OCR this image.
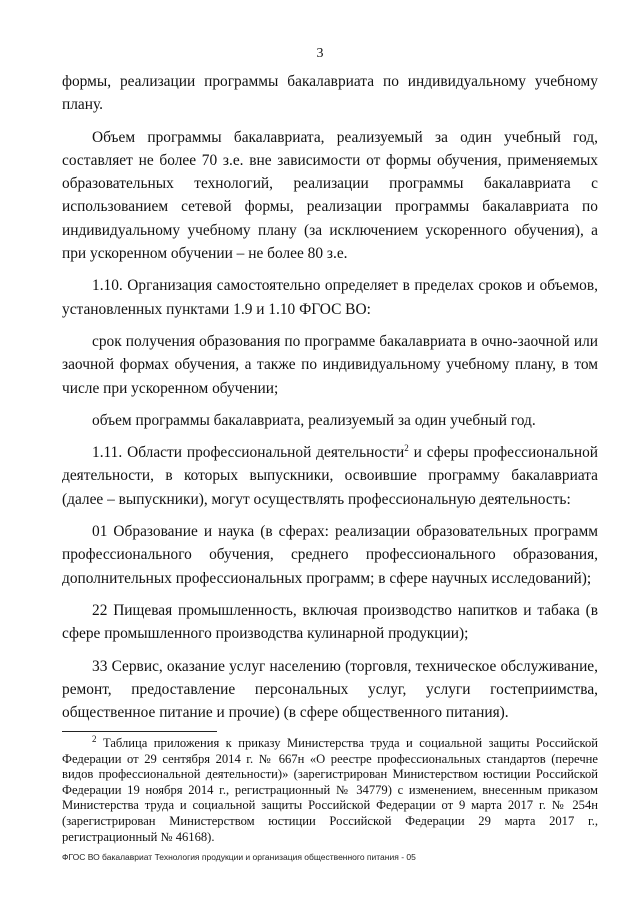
3

формы, реализации программы бакалавриата по индивидуальному учебному плану.

Объем программы бакалавриата, реализуемый за один учебный год, составляет не более 70 з.е. вне зависимости от формы обучения, применяемых образовательных технологий, реализации программы бакалавриата с использованием сетевой формы, реализации программы бакалавриата по индивидуальному учебному плану (за исключением ускоренного обучения), а при ускоренном обучении – не более 80 з.е.

1.10. Организация самостоятельно определяет в пределах сроков и объемов, установленных пунктами 1.9 и 1.10 ФГОС ВО:

срок получения образования по программе бакалавриата в очно-заочной или заочной формах обучения, а также по индивидуальному учебному плану, в том числе при ускоренном обучении;

объем программы бакалавриата, реализуемый за один учебный год.

1.11. Области профессиональной деятельности$^2$ и сферы профессиональной деятельности, в которых выпускники, освоившие программу бакалавриата (далее – выпускники), могут осуществлять профессиональную деятельность:

01 Образование и наука (в сферах: реализации образовательных программ профессионального обучения, среднего профессионального образования, дополнительных профессиональных программ; в сфере научных исследований);

22 Пищевая промышленность, включая производство напитков и табака (в сфере промышленного производства кулинарной продукции);

33 Сервис, оказание услуг населению (торговля, техническое обслуживание, ремонт, предоставление персональных услуг, услуги гостеприимства, общественное питание и прочие) (в сфере общественного питания).

$^2$ Таблица приложения к приказу Министерства труда и социальной защиты Российской Федерации от 29 сентября 2014 г. № 667н «О реестре профессиональных стандартов (перечне видов профессиональной деятельности)» (зарегистрирован Министерством юстиции Российской Федерации 19 ноября 2014 г., регистрационный № 34779) с изменением, внесенным приказом Министерства труда и социальной защиты Российской Федерации от 9 марта 2017 г. № 254н (зарегистрирован Министерством юстиции Российской Федерации 29 марта 2017 г., регистрационный № 46168).

ФГОС ВО бакалавриат Технология продукции и организация общественного питания - 05
